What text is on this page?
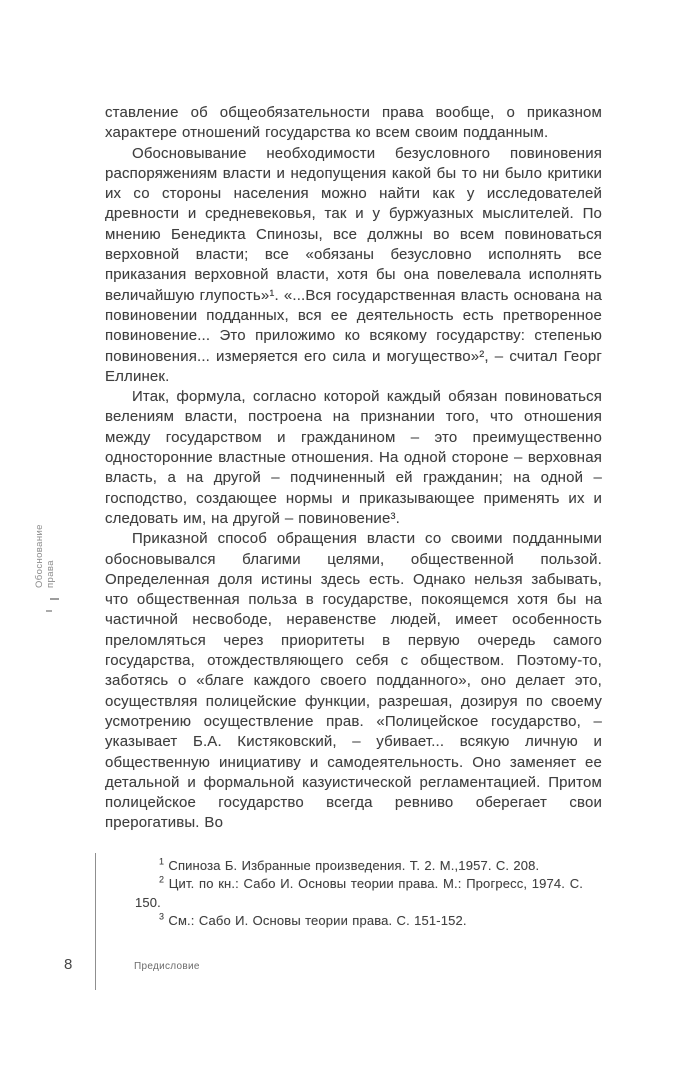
Обоснование права

ставление об общеобязательности права вообще, о приказном характере отношений государства ко всем своим подданным.

Обосновывание необходимости безусловного повиновения распоряжениям власти и недопущения какой бы то ни было критики их со стороны населения можно найти как у исследователей древности и средневековья, так и у буржуазных мыслителей. По мнению Бенедикта Спинозы, все должны во всем повиноваться верховной власти; все «обязаны безусловно исполнять все приказания верховной власти, хотя бы она повелевала исполнять величайшую глупость»¹. «...Вся государственная власть основана на повиновении подданных, вся ее деятельность есть претворенное повиновение... Это приложимо ко всякому государству: степенью повиновения... измеряется его сила и могущество»², – считал Георг Еллинек.

Итак, формула, согласно которой каждый обязан повиноваться велениям власти, построена на признании того, что отношения между государством и гражданином – это преимущественно односторонние властные отношения. На одной стороне – верховная власть, а на другой – подчиненный ей гражданин; на одной – господство, создающее нормы и приказывающее применять их и следовать им, на другой – повиновение³.

Приказной способ обращения власти со своими подданными обосновывался благими целями, общественной пользой. Определенная доля истины здесь есть. Однако нельзя забывать, что общественная польза в государстве, покоящемся хотя бы на частичной несвободе, неравенстве людей, имеет особенность преломляться через приоритеты в первую очередь самого государства, отождествляющего себя с обществом. Поэтому-то, заботясь о «благе каждого своего подданного», оно делает это, осуществляя полицейские функции, разрешая, дозируя по своему усмотрению осуществление прав. «Полицейское государство, – указывает Б.А. Кистяковский, – убивает... всякую личную и общественную инициативу и самодеятельность. Оно заменяет ее детальной и формальной казуистической регламентацией. Притом полицейское государство всегда ревниво оберегает свои прерогативы. Во

$^1$ Спиноза Б. Избранные произведения. Т. 2. М.,1957. С. 208.

$^2$ Цит. по кн.: Сабо И. Основы теории права. М.: Прогресс, 1974. С. 150.

$^3$ См.: Сабо И. Основы теории права. С. 151-152.

8	Предисловие
